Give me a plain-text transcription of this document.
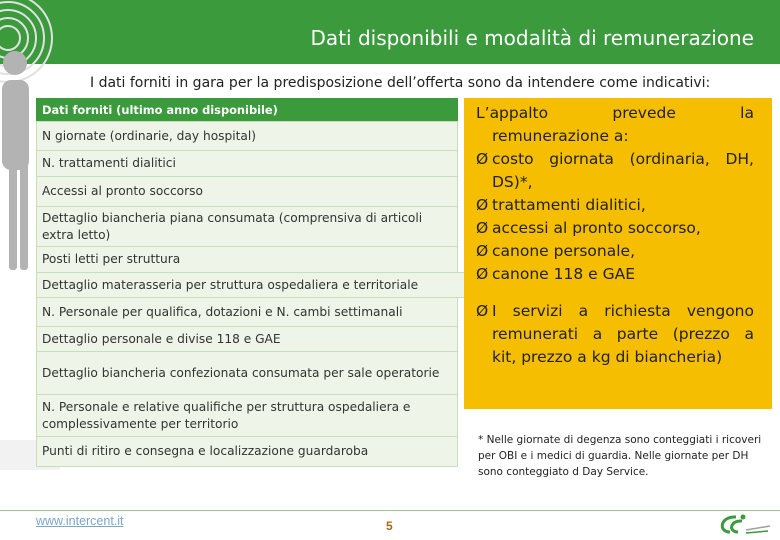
Dati disponibili e modalità di remunerazione
I dati forniti in gara per la predisposizione dell’offerta sono da intendere come indicativi:
Dati forniti (ultimo anno disponibile)
N giornate (ordinarie, day hospital)
N. trattamenti dialitici
Accessi al pronto soccorso
Dettaglio biancheria piana consumata (comprensiva di articoli extra letto)
Posti letti per struttura
Dettaglio materasseria per struttura ospedaliera e territoriale
N. Personale per qualifica, dotazioni e N. cambi settimanali
Dettaglio personale e divise 118 e GAE
Dettaglio biancheria confezionata consumata per sale operatorie
N. Personale e relative qualifiche per struttura ospedaliera e complessivamente per territorio
Punti di ritiro e consegna e localizzazione guardaroba

L’appalto prevede la

remunerazione a:

Ø costo giornata (ordinaria, DH,

DS)*,

Ø trattamenti dialitici,
Ø accessi al pronto soccorso,
Ø canone personale,
Ø canone 118 e GAE
Ø I servizi a richiesta vengono

remunerati a parte (prezzo a

kit, prezzo a kg di biancheria)

* Nelle giornate di degenza sono conteggiati i ricoveri per OBI e i medici di guardia. Nelle giornate per DH sono conteggiato d Day Service.
www.intercent.it	5
